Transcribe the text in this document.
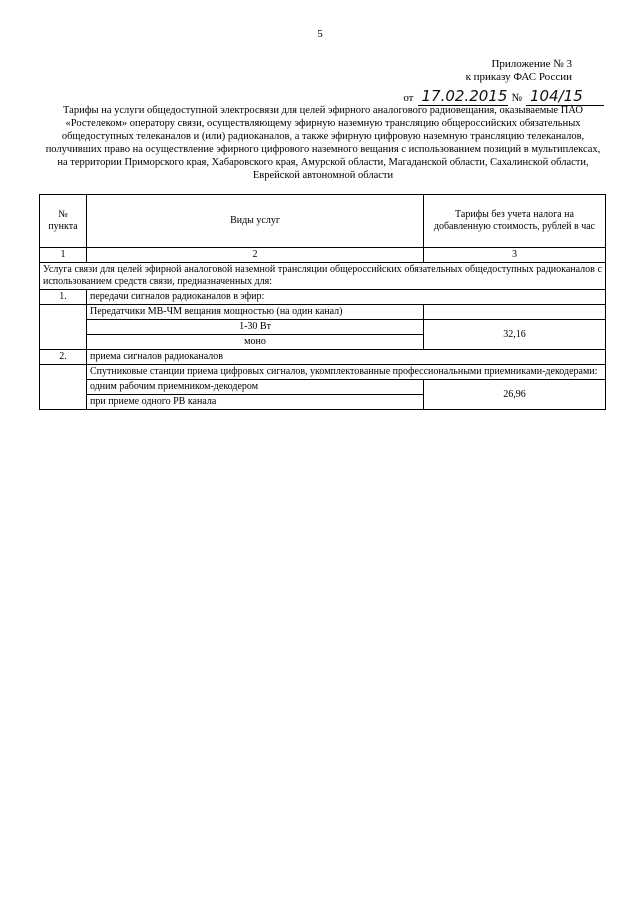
5
Приложение № 3
к приказу ФАС России
от 17.02.2015 № 104/15
Тарифы на услуги общедоступной электросвязи для целей эфирного аналогового радиовещания, оказываемые ПАО «Ростелеком» оператору связи, осуществляющему эфирную наземную трансляцию общероссийских обязательных общедоступных телеканалов и (или) радиоканалов, а также эфирную цифровую наземную трансляцию телеканалов, получивших право на осуществление эфирного цифрового наземного вещания с использованием позиций в мультиплексах, на территории Приморского края, Хабаровского края, Амурской области, Магаданской области, Сахалинской области, Еврейской автономной области
№ пункта	Виды услуг	Тарифы без учета налога на добавленную стоимость, рублей в час
1	2	3
Услуга связи для целей эфирной аналоговой наземной трансляции общероссийских обязательных общедоступных радиоканалов с использованием средств связи, предназначенных для:		
1.	передачи сигналов радиоканалов в эфир:	
	Передатчики МВ-ЧМ вещания мощностью (на один канал)	
	1-30 Вт	32,16
	моно	
2.	приема сигналов радиоканалов	
	Спутниковые станции приема цифровых сигналов, укомплектованные профессиональными приемниками-декодерами:	
	одним рабочим приемником-декодером	26,96
	при приеме одного РВ канала	
